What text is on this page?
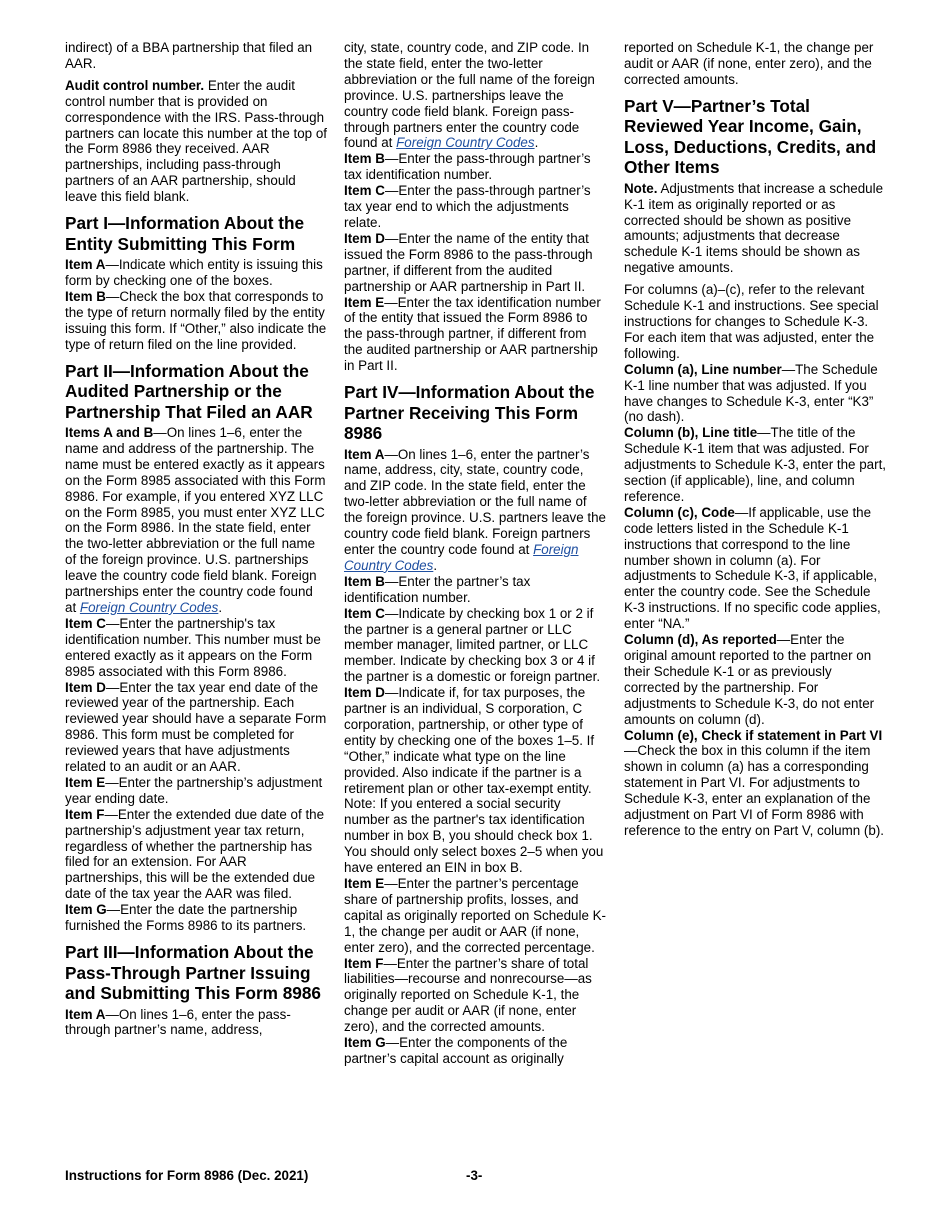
indirect) of a BBA partnership that filed an AAR.

Audit control number. Enter the audit control number that is provided on correspondence with the IRS. Pass-through partners can locate this number at the top of the Form 8986 they received. AAR partnerships, including pass-through partners of an AAR partnership, should leave this field blank.

Part I—Information About the Entity Submitting This Form

Item A—Indicate which entity is issuing this form by checking one of the boxes.

Item B—Check the box that corresponds to the type of return normally filed by the entity issuing this form. If “Other,” also indicate the type of return filed on the line provided.

Part II—Information About the Audited Partnership or the Partnership That Filed an AAR

Items A and B—On lines 1–6, enter the name and address of the partnership. The name must be entered exactly as it appears on the Form 8985 associated with this Form 8986. For example, if you entered XYZ LLC on the Form 8985, you must enter XYZ LLC on the Form 8986. In the state field, enter the two-letter abbreviation or the full name of the foreign province. U.S. partnerships leave the country code field blank. Foreign partnerships enter the country code found at Foreign Country Codes.

Item C—Enter the partnership's tax identification number. This number must be entered exactly as it appears on the Form 8985 associated with this Form 8986.

Item D—Enter the tax year end date of the reviewed year of the partnership. Each reviewed year should have a separate Form 8986. This form must be completed for reviewed years that have adjustments related to an audit or an AAR.

Item E—Enter the partnership’s adjustment year ending date.

Item F—Enter the extended due date of the partnership’s adjustment year tax return, regardless of whether the partnership has filed for an extension. For AAR partnerships, this will be the extended due date of the tax year the AAR was filed.

Item G—Enter the date the partnership furnished the Forms 8986 to its partners.

Part III—Information About the Pass-Through Partner Issuing and Submitting This Form 8986

Item A—On lines 1–6, enter the pass-through partner’s name, address,

city, state, country code, and ZIP code. In the state field, enter the two-letter abbreviation or the full name of the foreign province. U.S. partnerships leave the country code field blank. Foreign pass-through partners enter the country code found at Foreign Country Codes.

Item B—Enter the pass-through partner’s tax identification number.

Item C—Enter the pass-through partner’s tax year end to which the adjustments relate.

Item D—Enter the name of the entity that issued the Form 8986 to the pass-through partner, if different from the audited partnership or AAR partnership in Part II.

Item E—Enter the tax identification number of the entity that issued the Form 8986 to the pass-through partner, if different from the audited partnership or AAR partnership in Part II.

Part IV—Information About the Partner Receiving This Form 8986

Item A—On lines 1–6, enter the partner’s name, address, city, state, country code, and ZIP code. In the state field, enter the two-letter abbreviation or the full name of the foreign province. U.S. partners leave the country code field blank. Foreign partners enter the country code found at Foreign Country Codes.

Item B—Enter the partner’s tax identification number.

Item C—Indicate by checking box 1 or 2 if the partner is a general partner or LLC member manager, limited partner, or LLC member. Indicate by checking box 3 or 4 if the partner is a domestic or foreign partner.

Item D—Indicate if, for tax purposes, the partner is an individual, S corporation, C corporation, partnership, or other type of entity by checking one of the boxes 1–5. If “Other,” indicate what type on the line provided. Also indicate if the partner is a retirement plan or other tax-exempt entity. Note: If you entered a social security number as the partner's tax identification number in box B, you should check box 1. You should only select boxes 2–5 when you have entered an EIN in box B.

Item E—Enter the partner’s percentage share of partnership profits, losses, and capital as originally reported on Schedule K-1, the change per audit or AAR (if none, enter zero), and the corrected percentage.

Item F—Enter the partner’s share of total liabilities—recourse and nonrecourse—as originally reported on Schedule K-1, the change per audit or AAR (if none, enter zero), and the corrected amounts.

Item G—Enter the components of the partner’s capital account as originally

reported on Schedule K-1, the change per audit or AAR (if none, enter zero), and the corrected amounts.

Part V—Partner’s Total Reviewed Year Income, Gain, Loss, Deductions, Credits, and Other Items

Note. Adjustments that increase a schedule K-1 item as originally reported or as corrected should be shown as positive amounts; adjustments that decrease schedule K-1 items should be shown as negative amounts.

For columns (a)–(c), refer to the relevant Schedule K-1 and instructions. See special instructions for changes to Schedule K-3. For each item that was adjusted, enter the following.

Column (a), Line number—The Schedule K-1 line number that was adjusted. If you have changes to Schedule K-3, enter “K3” (no dash).

Column (b), Line title—The title of the Schedule K-1 item that was adjusted. For adjustments to Schedule K-3, enter the part, section (if applicable), line, and column reference.

Column (c), Code—If applicable, use the code letters listed in the Schedule K-1 instructions that correspond to the line number shown in column (a). For adjustments to Schedule K-3, if applicable, enter the country code. See the Schedule K-3 instructions. If no specific code applies, enter “NA.”

Column (d), As reported—Enter the original amount reported to the partner on their Schedule K-1 or as previously corrected by the partnership. For adjustments to Schedule K-3, do not enter amounts on column (d).

Column (e), Check if statement in Part VI—Check the box in this column if the item shown in column (a) has a corresponding statement in Part VI. For adjustments to Schedule K-3, enter an explanation of the adjustment on Part VI of Form 8986 with reference to the entry on Part V, column (b).

Instructions for Form 8986 (Dec. 2021)	-3-
